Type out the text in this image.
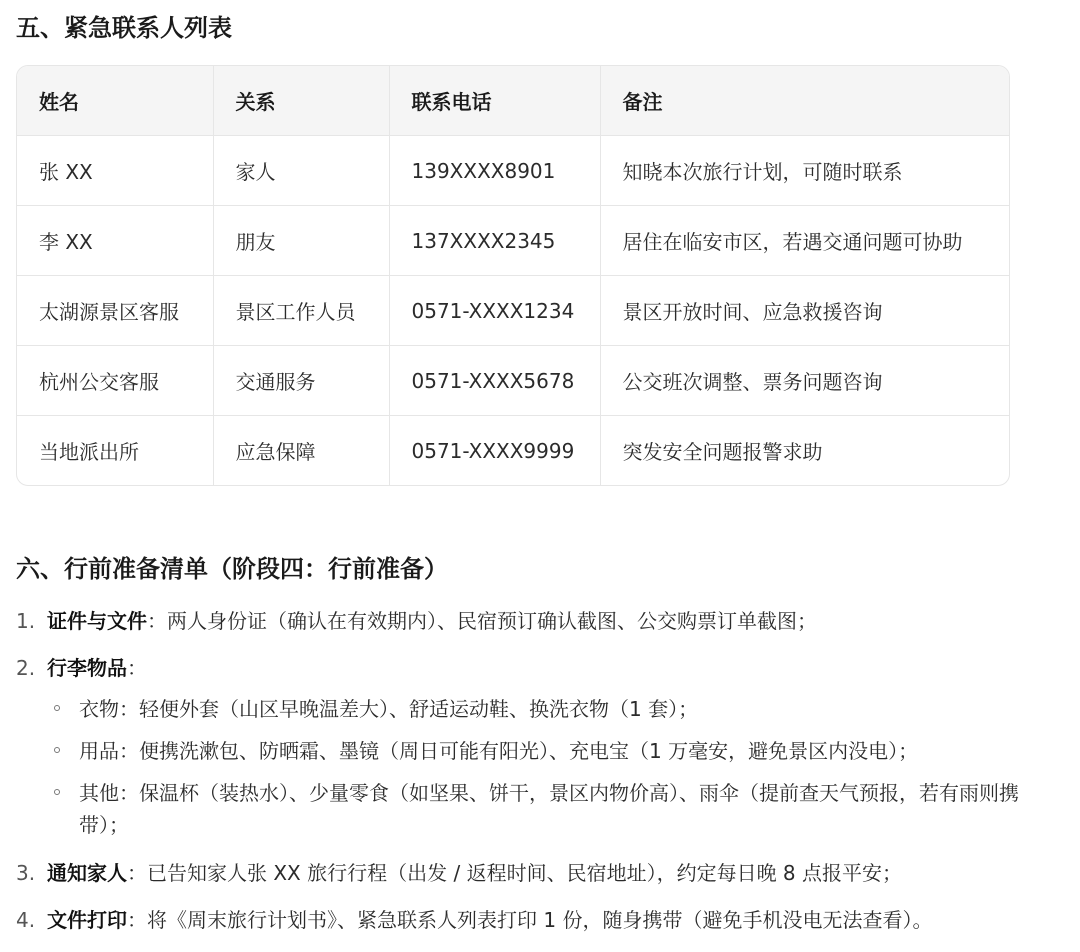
五、紧急联系人列表
姓名	关系	联系电话	备注
张 XX	家人	139XXXX8901	知晓本次旅行计划，可随时联系
李 XX	朋友	137XXXX2345	居住在临安市区，若遇交通问题可协助
太湖源景区客服	景区工作人员	0571-XXXX1234	景区开放时间、应急救援咨询
杭州公交客服	交通服务	0571-XXXX5678	公交班次调整、票务问题咨询
当地派出所	应急保障	0571-XXXX9999	突发安全问题报警求助
六、行前准备清单（阶段四：行前准备）
1. 证件与文件：两人身份证（确认在有效期内）、民宿预订确认截图、公交购票订单截图；
2. 行李物品：
衣物：轻便外套（山区早晚温差大）、舒适运动鞋、换洗衣物（1 套）；
用品：便携洗漱包、防晒霜、墨镜（周日可能有阳光）、充电宝（1 万毫安，避免景区内没电）；
其他：保温杯（装热水）、少量零食（如坚果、饼干，景区内物价高）、雨伞（提前查天气预报，若有雨则携带）；
3. 通知家人：已告知家人张 XX 旅行行程（出发 / 返程时间、民宿地址），约定每日晚 8 点报平安；
4. 文件打印：将《周末旅行计划书》、紧急联系人列表打印 1 份，随身携带（避免手机没电无法查看）。
